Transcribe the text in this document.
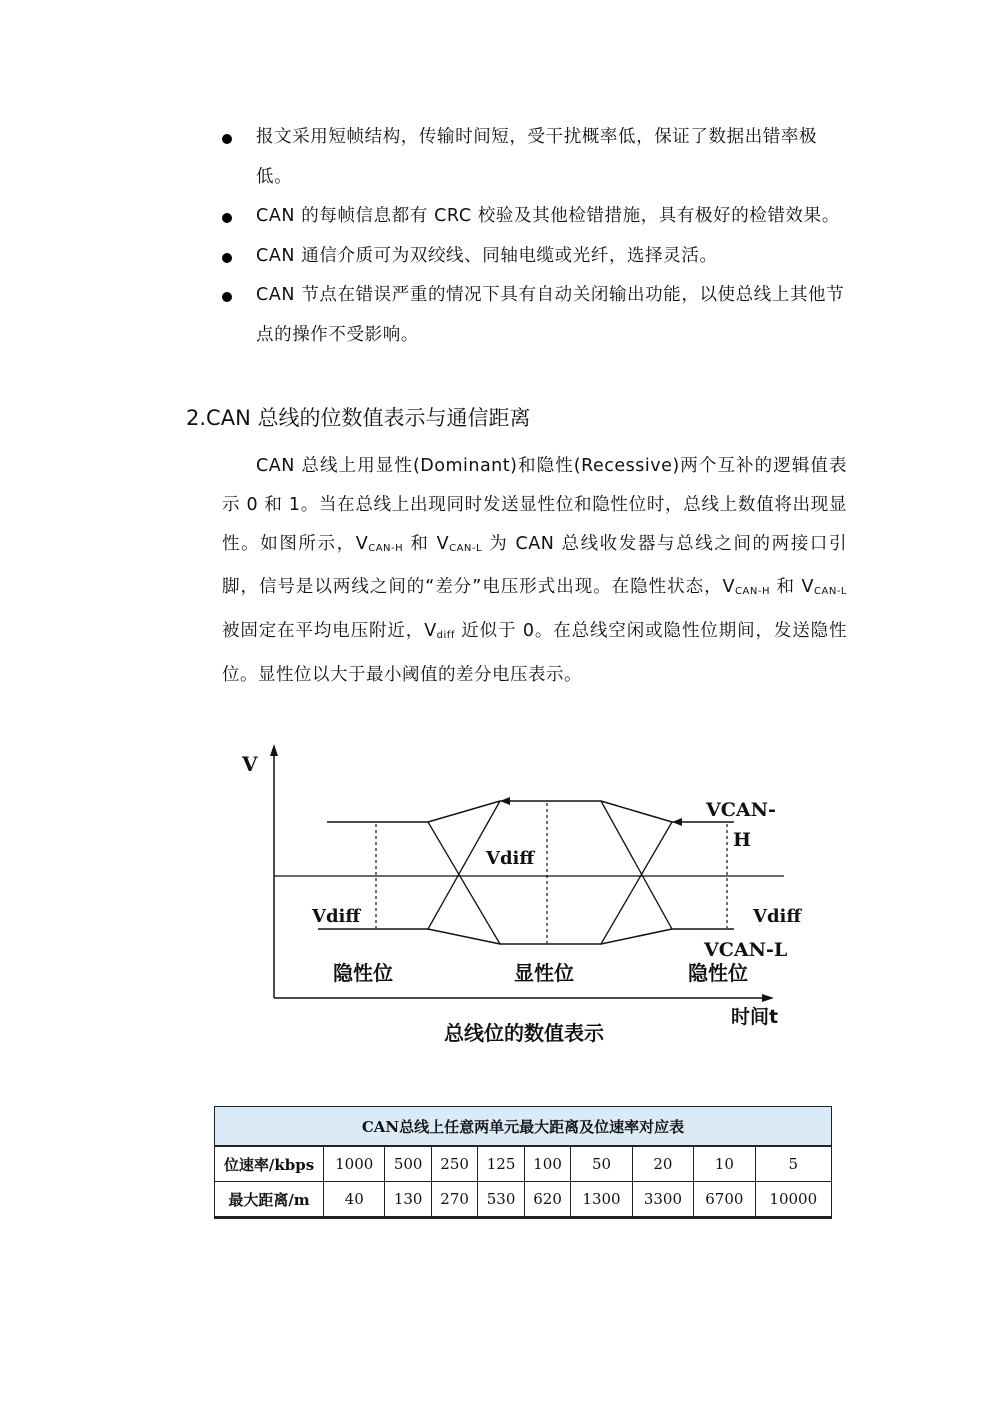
报文采用短帧结构，传输时间短，受干扰概率低，保证了数据出错率极低。
CAN 的每帧信息都有 CRC 校验及其他检错措施，具有极好的检错效果。
CAN 通信介质可为双绞线、同轴电缆或光纤，选择灵活。
CAN 节点在错误严重的情况下具有自动关闭输出功能，以使总线上其他节点的操作不受影响。
2.CAN 总线的位数值表示与通信距离

CAN 总线上用显性(Dominant)和隐性(Recessive)两个互补的逻辑值表示 0 和 1。当在总线上出现同时发送显性位和隐性位时，总线上数值将出现显性。如图所示，$V_{CAN-H}$ 和 $V_{CAN-L}$ 为 CAN 总线收发器与总线之间的两接口引脚，信号是以两线之间的“差分”电压形式出现。在隐性状态，$V_{CAN-H}$ 和 $V_{CAN-L}$ 被固定在平均电压附近，$V_{diff}$ 近似于 0。在总线空闲或隐性位期间，发送隐性位。显性位以大于最小阈值的差分电压表示。

V
VCAN-
H
Vdiff
Vdiff	Vdiff
VCAN-L
隐性位	显性位	隐性位
时间t
总线位的数值表示
CAN总线上任意两单元最大距离及位速率对应表									
位速率/kbps	1000	500	250	125	100	50	20	10	5
最大距离/m	40	130	270	530	620	1300	3300	6700	10000
